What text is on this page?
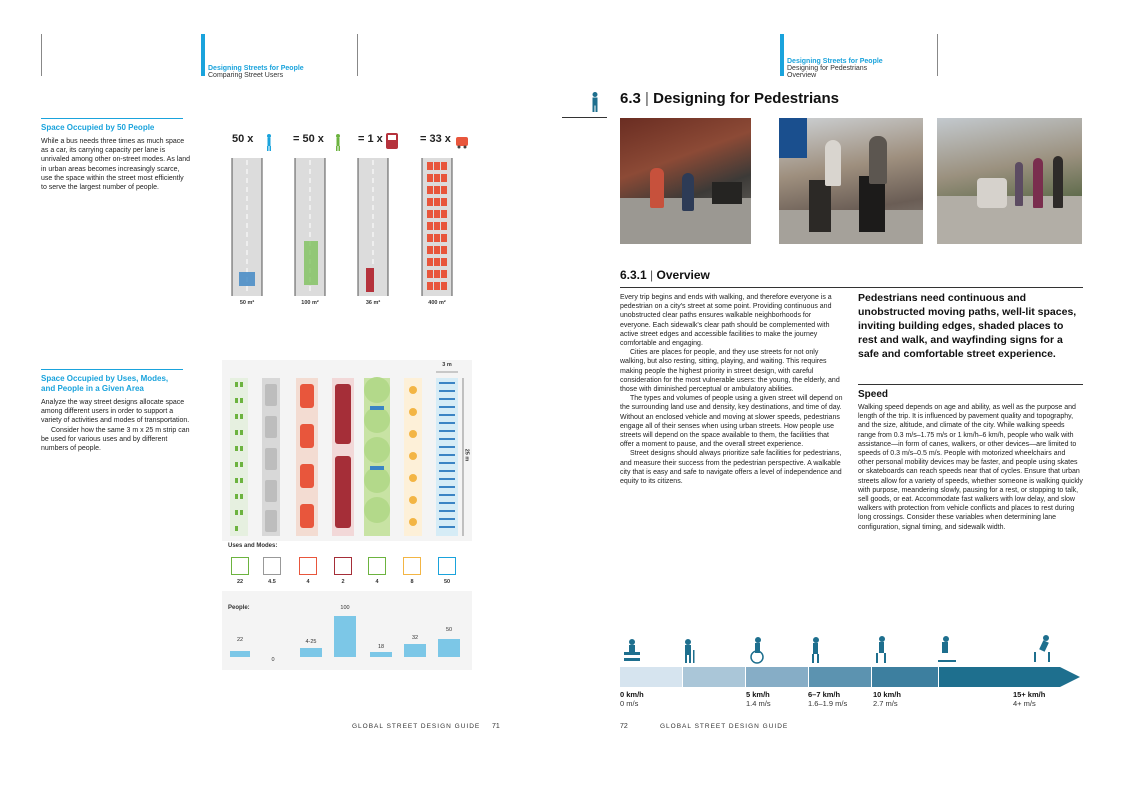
Designing Streets for People
Comparing Street Users
Space Occupied by 50 People
While a bus needs three times as much space as a car, its carrying capacity per lane is unrivaled among other on-street modes. As land in urban areas becomes increasingly scarce, use the space within the street most efficiently to serve the largest number of people.
50 x	= 50 x	= 1 x	= 33 x
50 m²	100 m²	36 m²	400 m²
Space Occupied by Uses, Modes, and People in a Given Area

Analyze the way street designs allocate space among different users in order to support a variety of activities and modes of transportation.

Consider how the same 3 m x 25 m strip can be used for various uses and by different numbers of people.

3 m
25 m
Uses and Modes:
22	4.5	4	2	4	8	50
People:
22
0
4-25
100
18
32
50
GLOBAL STREET DESIGN GUIDE 71
Designing Streets for People
Designing for Pedestrians
Overview
6.3 | Designing for Pedestrians
6.3.1 | Overview

Every trip begins and ends with walking, and therefore everyone is a pedestrian on a city's street at some point. Providing continuous and unobstructed clear paths ensures walkable neighborhoods for everyone. Each sidewalk's clear path should be complemented with active street edges and accessible facilities to make the journey comfortable and engaging.

Cities are places for people, and they use streets for not only walking, but also resting, sitting, playing, and waiting. This requires making people the highest priority in street design, with careful consideration for the most vulnerable users: the young, the elderly, and those with diminished perceptual or ambulatory abilities.

The types and volumes of people using a given street will depend on the surrounding land use and density, key destinations, and time of day. Without an enclosed vehicle and moving at slower speeds, pedestrians engage all of their senses when using urban streets. How people use streets will depend on the space available to them, the facilities that offer a moment to pause, and the overall street experience.

Street designs should always prioritize safe facilities for pedestrians, and measure their success from the pedestrian perspective. A walkable city that is easy and safe to navigate offers a level of independence and equity to its citizens.

Pedestrians need continuous and unobstructed moving paths, well-lit spaces, inviting building edges, shaded places to rest and walk, and wayfinding signs for a safe and comfortable street experience.
Speed
Walking speed depends on age and ability, as well as the purpose and length of the trip. It is influenced by pavement quality and topography, and the size, altitude, and climate of the city. While walking speeds range from 0.3 m/s–1.75 m/s or 1 km/h–6 km/h, people who walk with assistance—in form of canes, walkers, or other devices—are limited to speeds of 0.3 m/s–0.5 m/s. People with motorized wheelchairs and other personal mobility devices may be faster, and people using skates or skateboards can reach speeds near that of cycles. Ensure that urban streets allow for a variety of speeds, whether someone is walking quickly with purpose, meandering slowly, pausing for a rest, or stopping to talk, sell goods, or eat. Accommodate fast walkers with low delay, and slow walkers with protection from vehicle conflicts and places to rest during long crossings. Consider these variables when determining lane configuration, signal timing, and sidewalk width.
0 km/h
0 m/s
5 km/h
1.4 m/s
6–7 km/h
1.6–1.9 m/s
10 km/h
2.7 m/s
15+ km/h
4+ m/s
72	GLOBAL STREET DESIGN GUIDE
